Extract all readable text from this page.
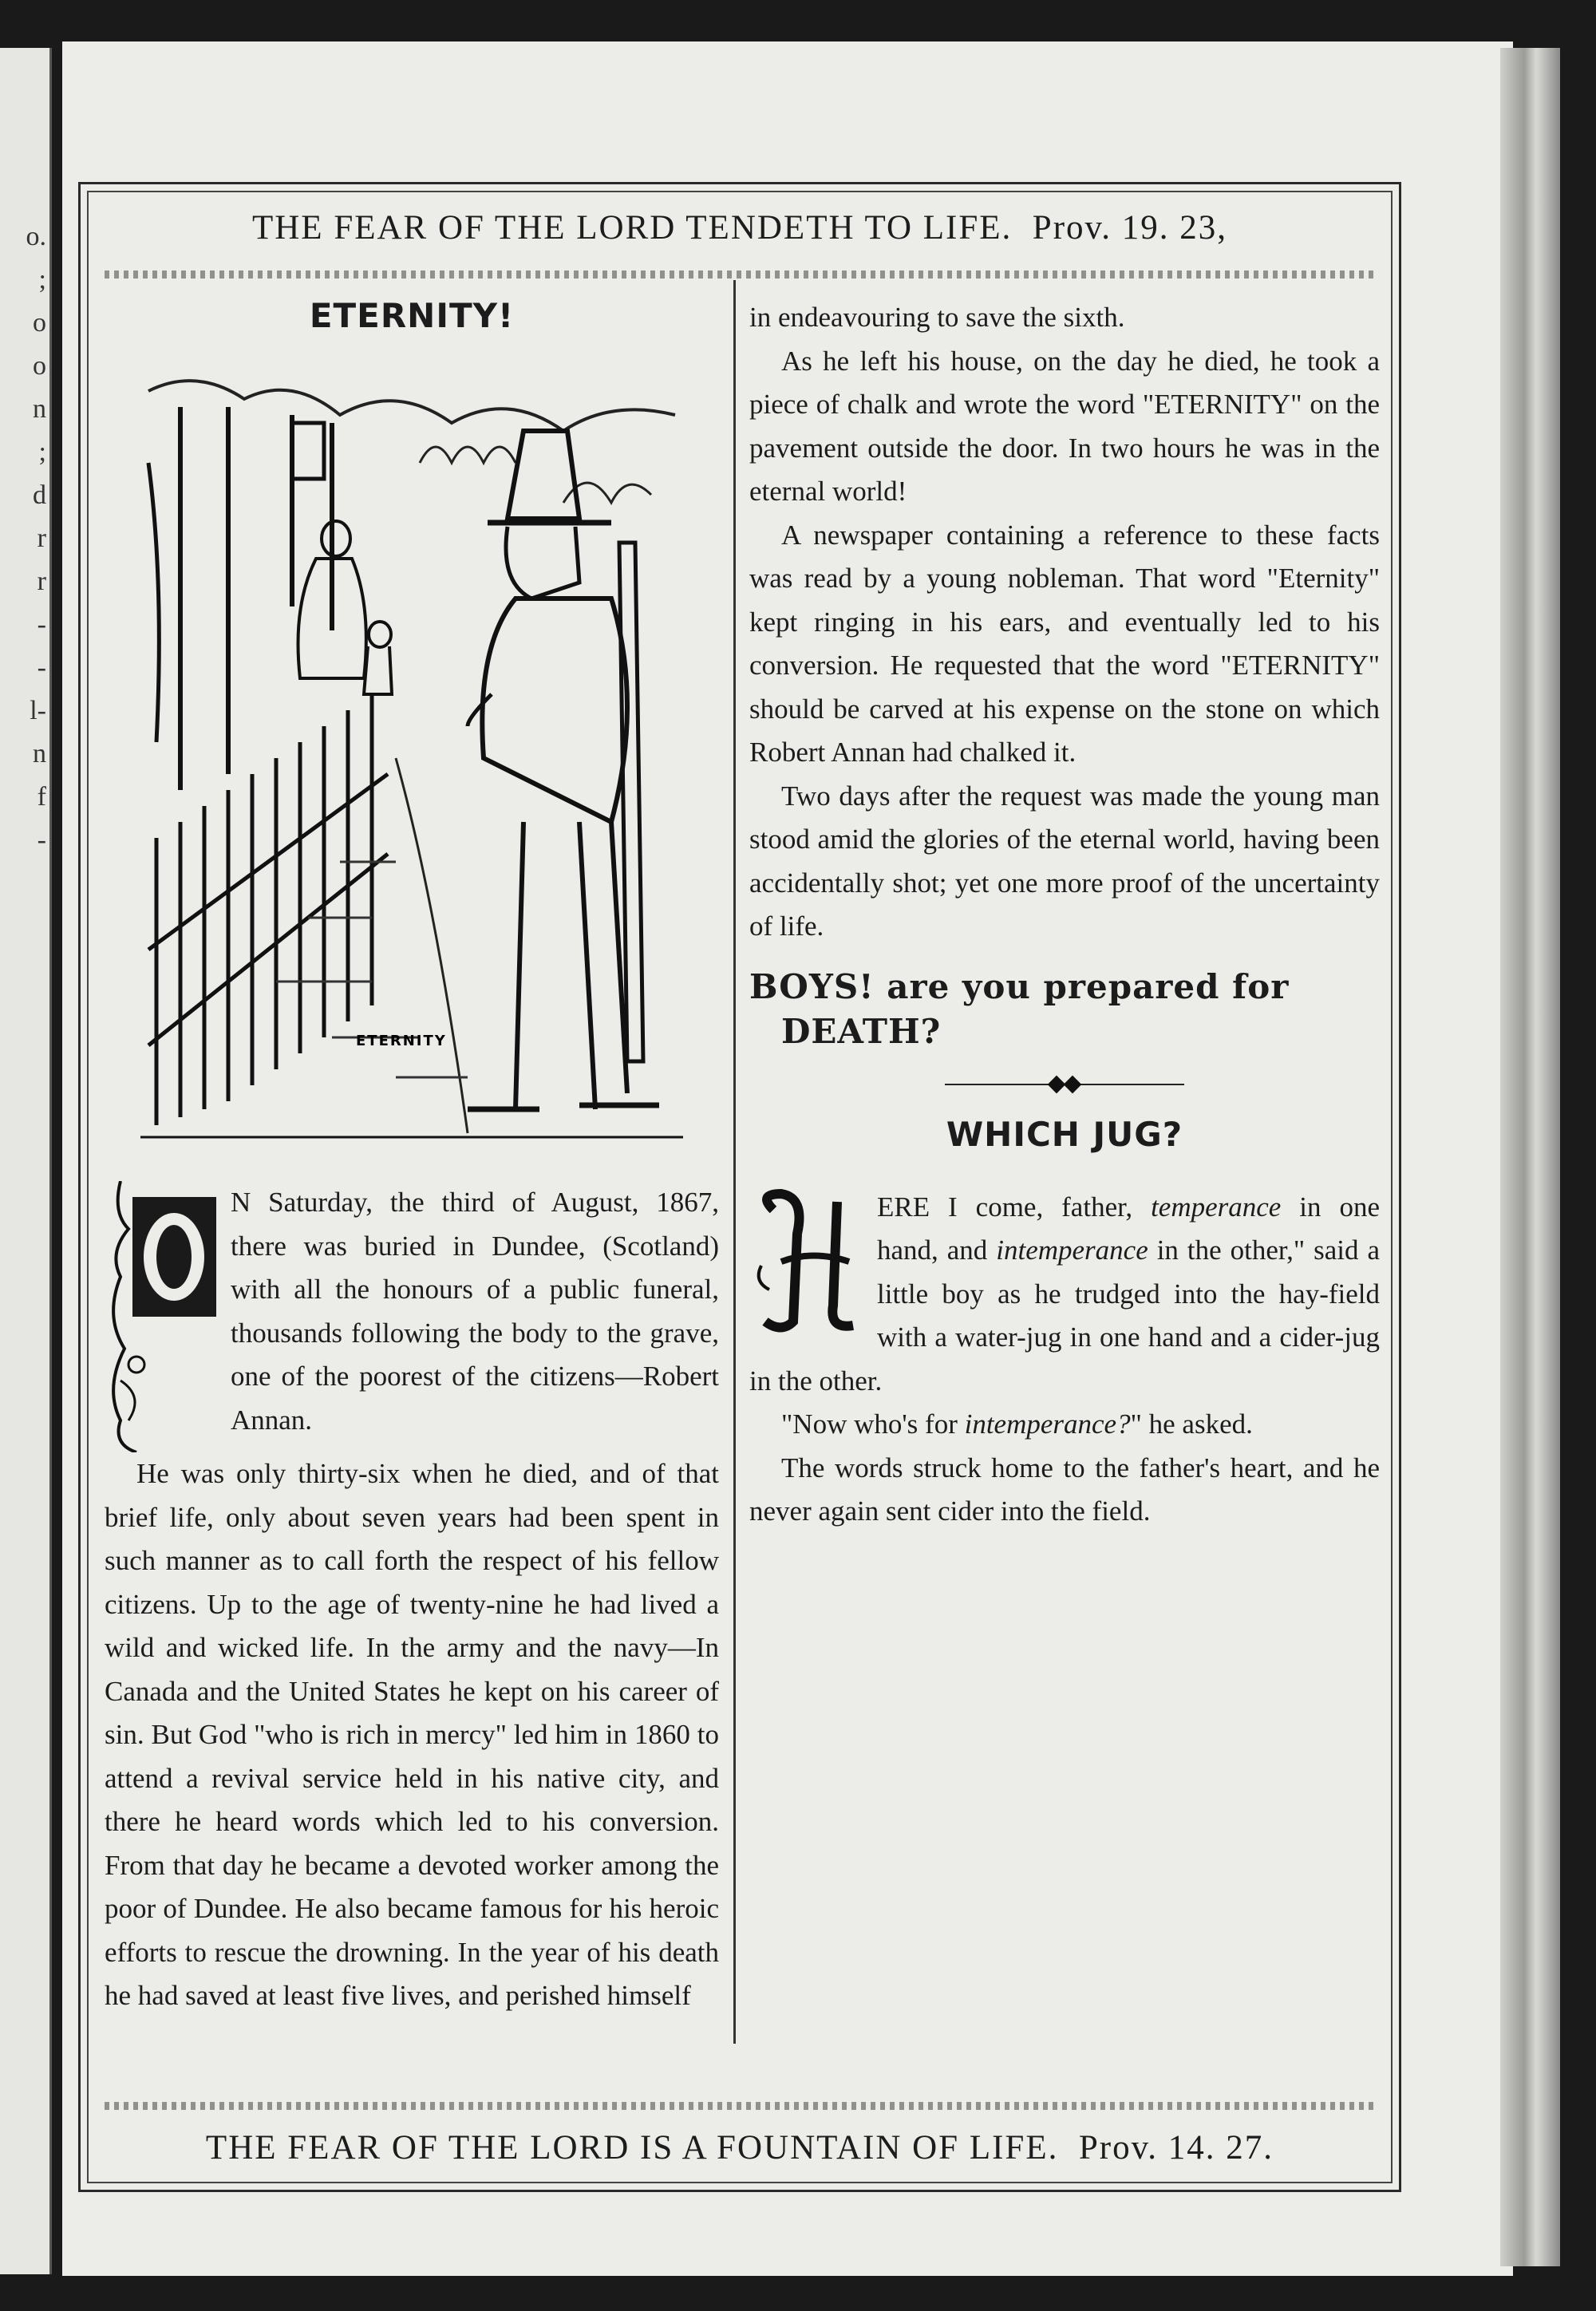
o.
;
o
o
n
;
d
r
r
-
-
l-
n
f
-
THE FEAR OF THE LORD TENDETH TO LIFE. Prov. 19. 23,
ETERNITY!
ETERNITY

N Saturday, the third of August, 1867, there was buried in Dundee, (Scotland) with all the honours of a public funeral, thousands following the body to the grave, one of the poorest of the citizens—Robert Annan.

He was only thirty-six when he died, and of that brief life, only about seven years had been spent in such manner as to call forth the respect of his fellow citizens. Up to the age of twenty-nine he had lived a wild and wicked life. In the army and the navy—In Canada and the United States he kept on his career of sin. But God "who is rich in mercy" led him in 1860 to attend a revival service held in his native city, and there he heard words which led to his conversion. From that day he became a devoted worker among the poor of Dundee. He also became famous for his heroic efforts to rescue the drowning. In the year of his death he had saved at least five lives, and perished himself

in endeavouring to save the sixth.

As he left his house, on the day he died, he took a piece of chalk and wrote the word "ETERNITY" on the pavement outside the door. In two hours he was in the eternal world!

A newspaper containing a reference to these facts was read by a young nobleman. That word "Eternity" kept ringing in his ears, and eventually led to his conversion. He requested that the word "ETERNITY" should be carved at his expense on the stone on which Robert Annan had chalked it.

Two days after the request was made the young man stood amid the glories of the eternal world, having been accidentally shot; yet one more proof of the uncertainty of life.

BOYS! are you prepared for
DEATH?
WHICH JUG?

ERE I come, father, temperance in one hand, and intemperance in the other," said a little boy as he trudged into the hay-field with a water-jug in one hand and a cider-jug in the other.

"Now who's for intemperance?" he asked.

The words struck home to the father's heart, and he never again sent cider into the field.

THE FEAR OF THE LORD IS A FOUNTAIN OF LIFE. Prov. 14. 27.
